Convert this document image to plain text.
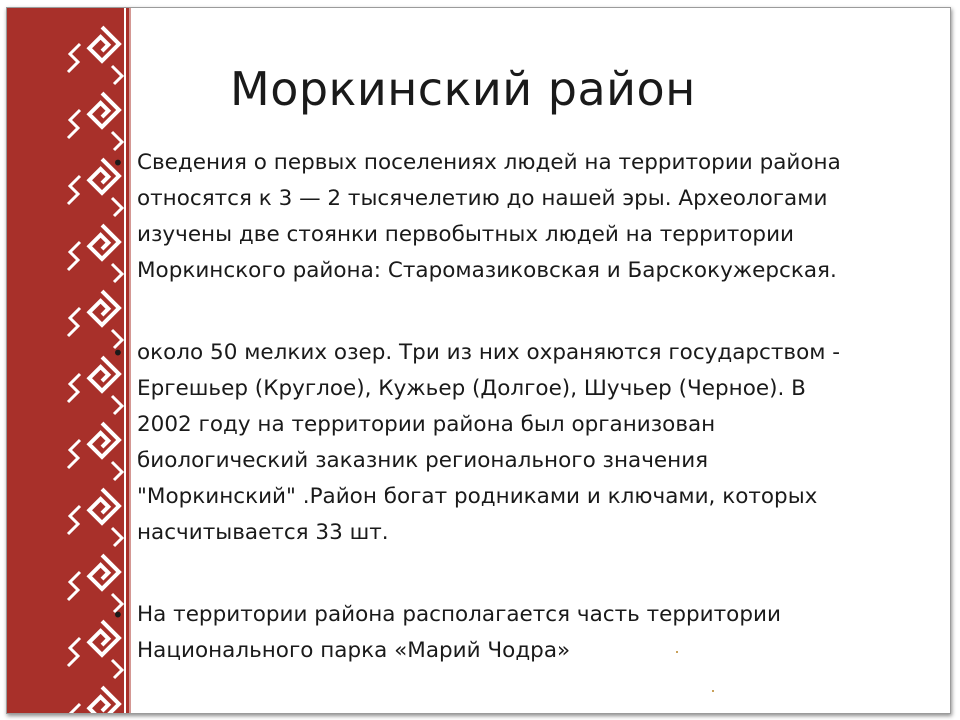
Моркинский район
• Сведения о первых поселениях людей на территории района
относятся к 3 — 2 тысячелетию до нашей эры. Археологами
изучены две стоянки первобытных людей на территории
Моркинского района: Старомазиковская и Барскокужерская.
• около 50 мелких озер. Три из них охраняются государством -
Ергешьер (Круглое), Кужьер (Долгое), Шучьер (Черное). В
2002 году на территории района был организован
биологический заказник регионального значения
"Моркинский" .Район богат родниками и ключами, которых
насчитывается 33 шт.
• На территории района располагается часть территории
Национального парка «Марий Чодра»
